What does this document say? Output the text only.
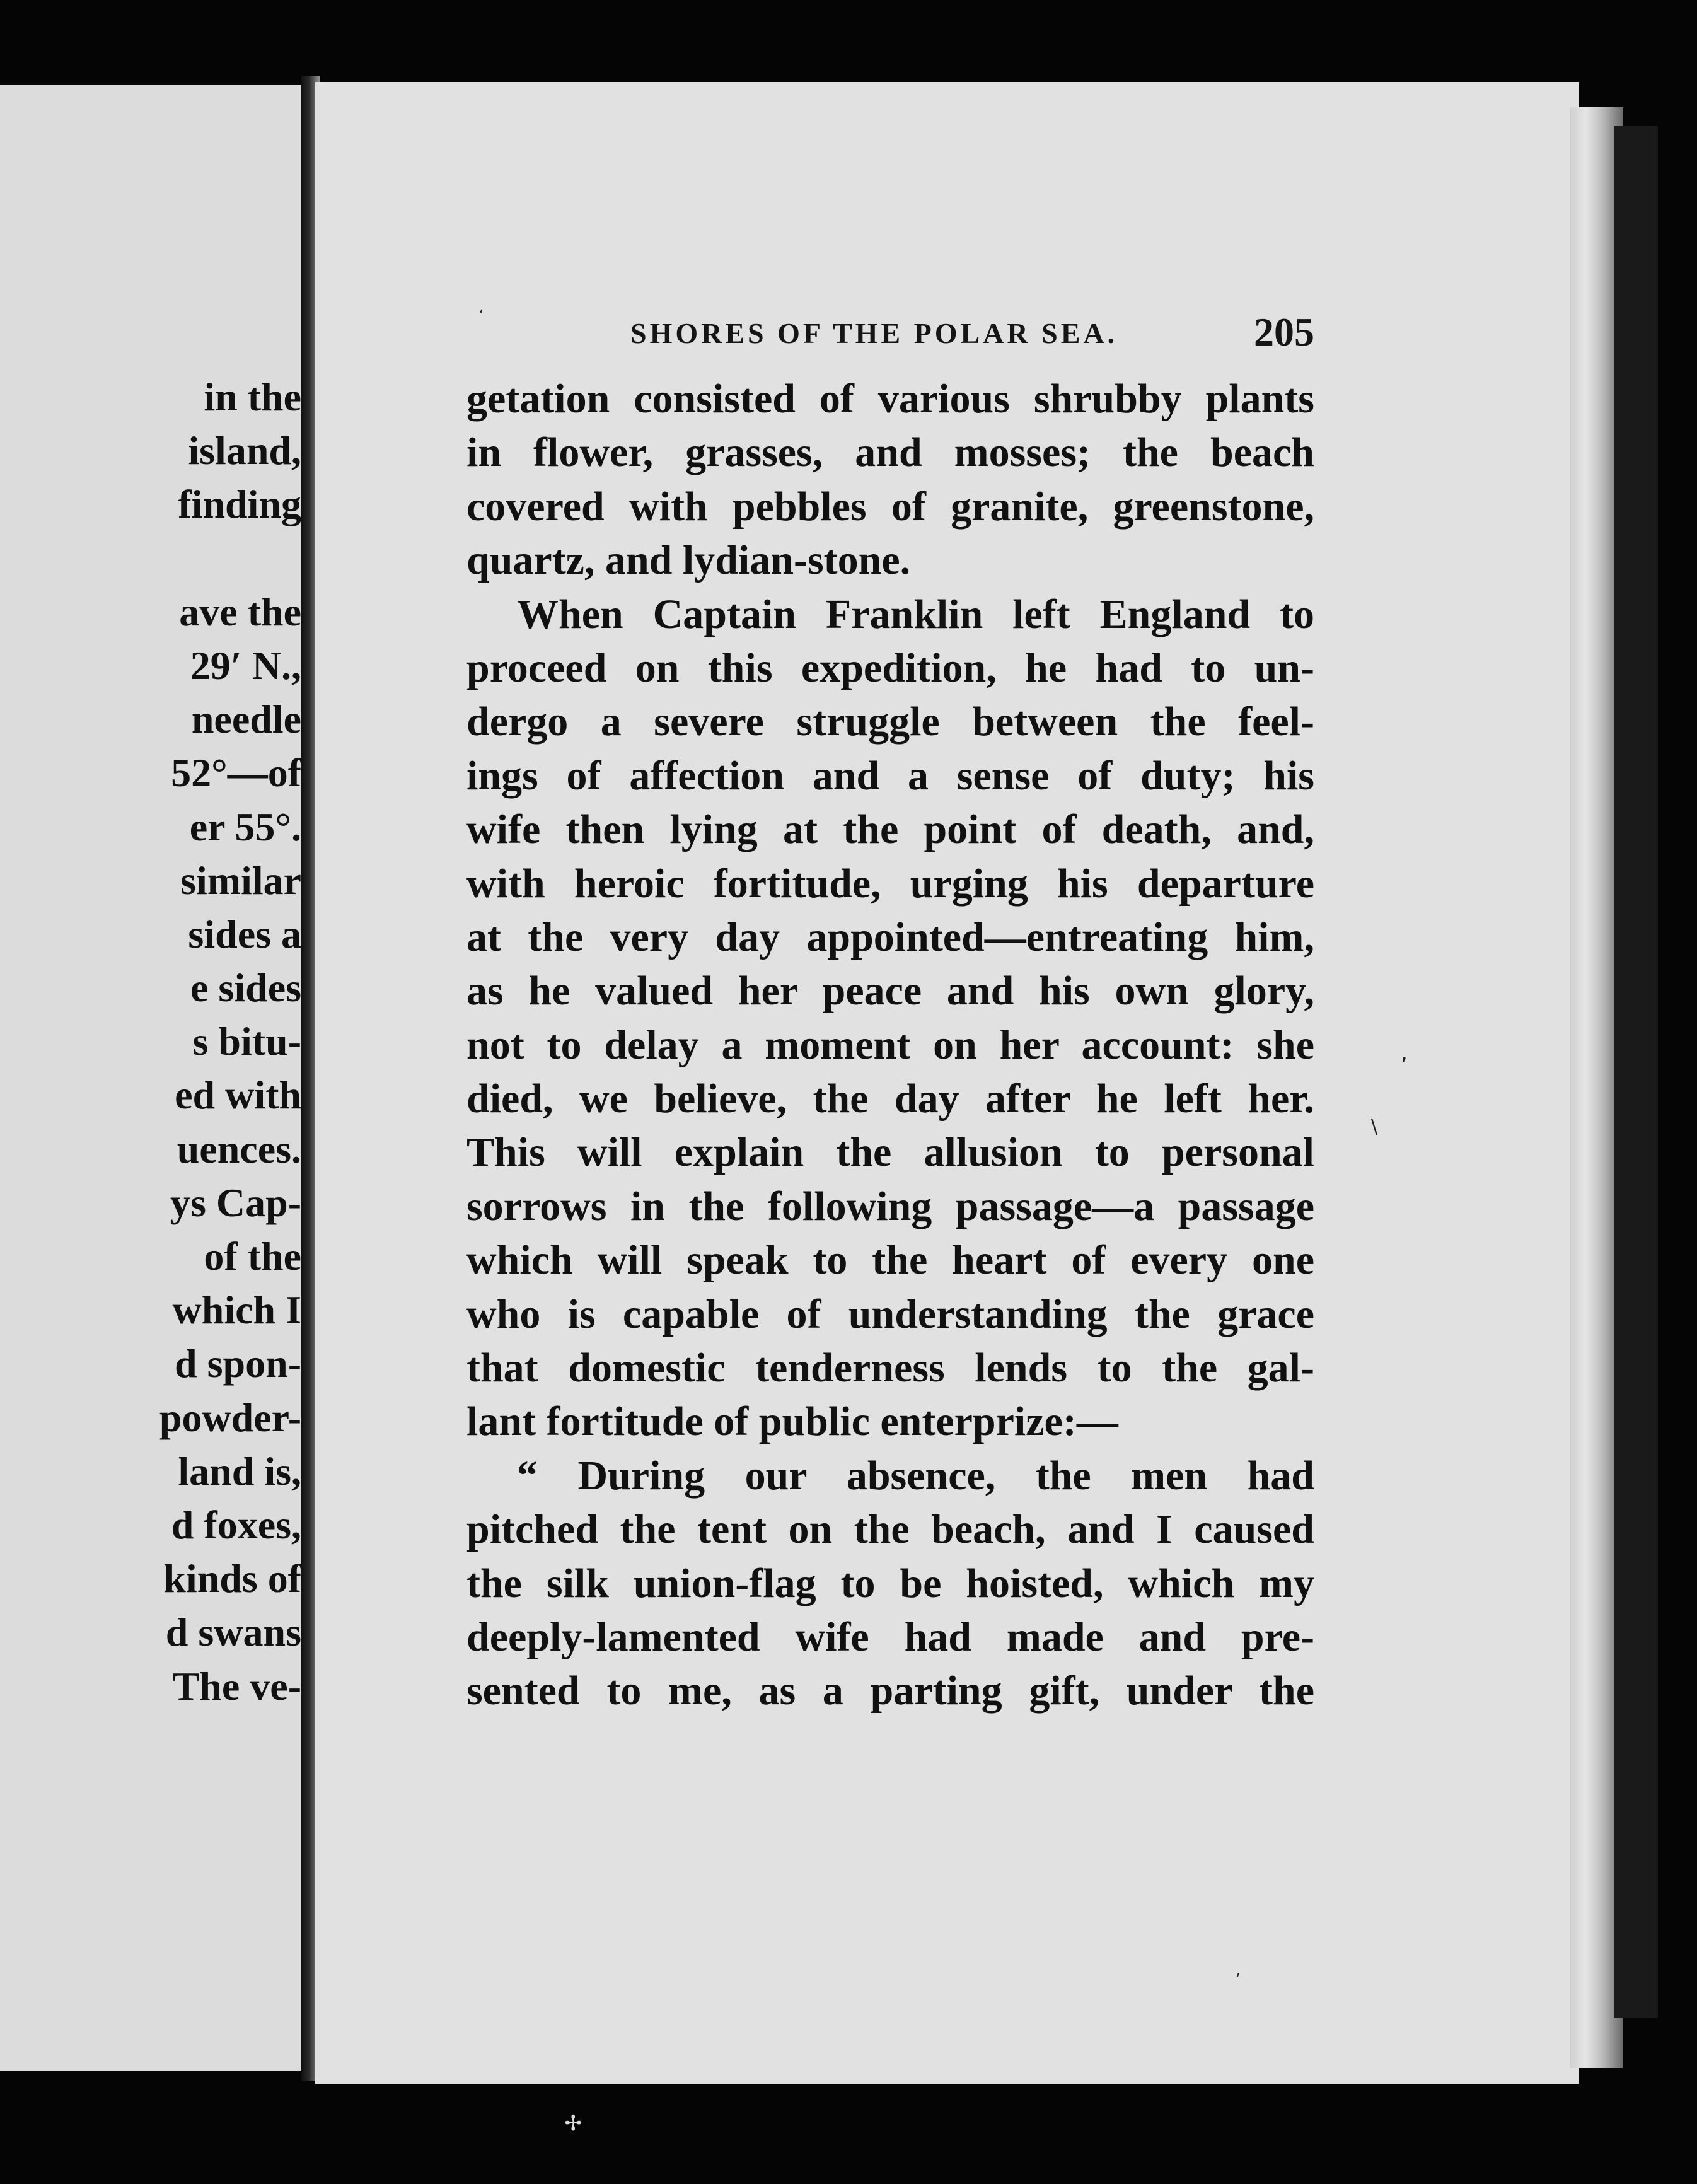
in the
island,
finding
ave the
29′ N.,
needle
52°—of
er 55°.
similar
sides a
e sides
s bitu-
ed with
uences.
ys Cap-
of the
which I
d spon-
powder-
land is,
d foxes,
kinds of
d swans
The ve-
SHORES OF THE POLAR SEA.	205
getation consisted of various shrubby plants
in flower, grasses, and mosses; the beach
covered with pebbles of granite, greenstone,
quartz, and lydian-stone.
When Captain Franklin left England to
proceed on this expedition, he had to un-
dergo a severe struggle between the feel-
ings of affection and a sense of duty; his
wife then lying at the point of death, and,
with heroic fortitude, urging his departure
at the very day appointed—entreating him,
as he valued her peace and his own glory,
not to delay a moment on her account: she
died, we believe, the day after he left her.
This will explain the allusion to personal
sorrows in the following passage—a passage
which will speak to the heart of every one
who is capable of understanding the grace
that domestic tenderness lends to the gal-
lant fortitude of public enterprize:—
“ During our absence, the men had
pitched the tent on the beach, and I caused
the silk union-flag to be hoisted, which my
deeply-lamented wife had made and pre-
sented to me, as a parting gift, under the
‘
,
\
’
✢
